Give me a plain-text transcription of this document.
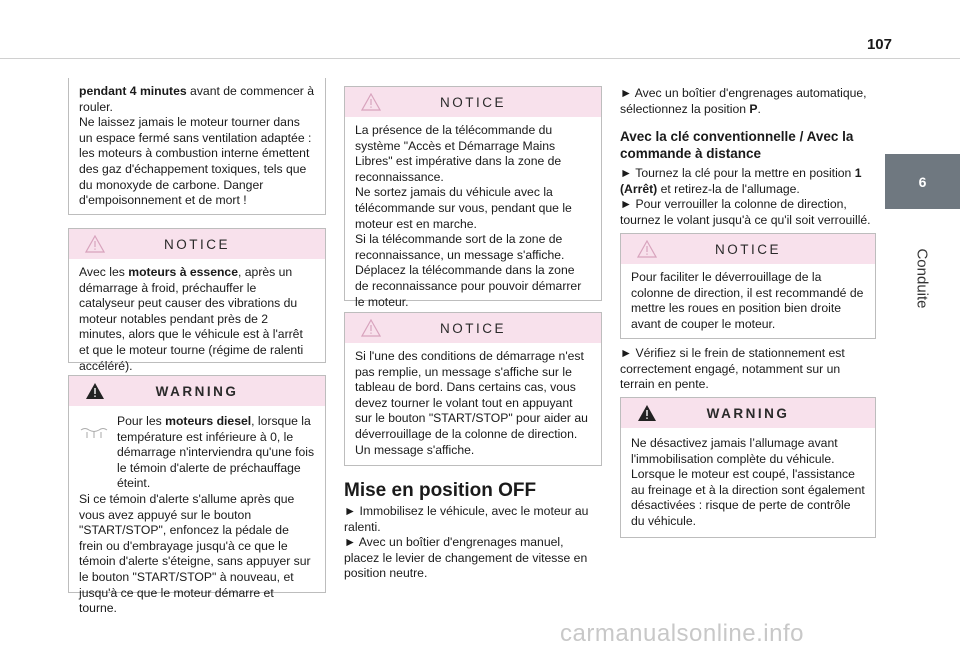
107
6
Conduite
pendant 4 minutes avant de commencer à rouler.
Ne laissez jamais le moteur tourner dans un espace fermé sans ventilation adaptée : les moteurs à combustion interne émettent des gaz d'échappement toxiques, tels que du monoxyde de carbone. Danger d'empoisonnement et de mort !
NOTICE
Avec les moteurs à essence, après un démarrage à froid, préchauffer le catalyseur peut causer des vibrations du moteur notables pendant près de 2 minutes, alors que le véhicule est à l'arrêt et que le moteur tourne (régime de ralenti accéléré).
WARNING
Pour les moteurs diesel, lorsque la température est inférieure à 0, le démarrage n'interviendra qu'une fois le témoin d'alerte de préchauffage éteint.
Si ce témoin d'alerte s'allume après que vous avez appuyé sur le bouton "START/STOP", enfoncez la pédale de frein ou d'embrayage jusqu'à ce que le témoin d'alerte s'éteigne, sans appuyer sur le bouton "START/STOP" à nouveau, et jusqu'à ce que le moteur démarre et tourne.
NOTICE
La présence de la télécommande du système "Accès et Démarrage Mains Libres" est impérative dans la zone de reconnaissance.
Ne sortez jamais du véhicule avec la télécommande sur vous, pendant que le moteur est en marche.
Si la télécommande sort de la zone de reconnaissance, un message s'affiche.
Déplacez la télécommande dans la zone de reconnaissance pour pouvoir démarrer le moteur.
NOTICE
Si l'une des conditions de démarrage n'est pas remplie, un message s'affiche sur le tableau de bord. Dans certains cas, vous devez tourner le volant tout en appuyant sur le bouton "START/STOP" pour aider au déverrouillage de la colonne de direction. Un message s'affiche.
Mise en position OFF
► Immobilisez le véhicule, avec le moteur au ralenti.
► Avec un boîtier d'engrenages manuel, placez le levier de changement de vitesse en position neutre.
► Avec un boîtier d'engrenages automatique, sélectionnez la position P.
Avec la clé conventionnelle / Avec la commande à distance
► Tournez la clé pour la mettre en position 1 (Arrêt) et retirez-la de l'allumage.
► Pour verrouiller la colonne de direction, tournez le volant jusqu'à ce qu'il soit verrouillé.
NOTICE
Pour faciliter le déverrouillage de la colonne de direction, il est recommandé de mettre les roues en position bien droite avant de couper le moteur.
► Vérifiez si le frein de stationnement est correctement engagé, notamment sur un terrain en pente.
WARNING
Ne désactivez jamais l’allumage avant l'immobilisation complète du véhicule. Lorsque le moteur est coupé, l'assistance au freinage et à la direction sont également désactivées : risque de perte de contrôle du véhicule.
carmanualsonline.info
